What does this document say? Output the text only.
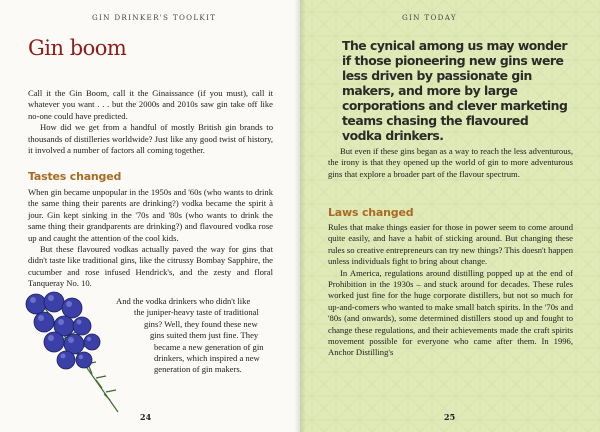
GIN DRINKER'S TOOLKIT
Gin boom

Call it the Gin Boom, call it the Ginaissance (if you must), call it whatever you want . . . but the 2000s and 2010s saw gin take off like no-one could have predicted.

How did we get from a handful of mostly British gin brands to thousands of distilleries worldwide? Just like any good twist of history, it involved a number of factors all coming together.

Tastes changed

When gin became unpopular in the 1950s and '60s (who wants to drink the same thing their parents are drinking?) vodka became the spirit à jour. Gin kept sinking in the '70s and '80s (who wants to drink the same thing their grandparents are drinking?) and flavoured vodka rose up and caught the attention of the cool kids.

But these flavoured vodkas actually paved the way for gins that didn't taste like traditional gins, like the citrussy Bombay Sapphire, the cucumber and rose infused Hendrick's, and the zesty and floral Tanqueray No. 10.

And the vodka drinkers who didn't like
the juniper-heavy taste of traditional
gins? Well, they found these new
gins suited them just fine. They
became a new generation of gin
drinkers, which inspired a new
generation of gin makers.
24
GIN TODAY
The cynical among us may wonder if those pioneering new gins were less driven by passionate gin makers, and more by large corporations and clever marketing teams chasing the flavoured vodka drinkers.

But even if these gins began as a way to reach the less adventurous, the irony is that they opened up the world of gin to more adventurous gins that explore a broader part of the flavour spectrum.

Laws changed

Rules that make things easier for those in power seem to come around quite easily, and have a habit of sticking around. But changing these rules so creative entrepreneurs can try new things? This doesn't happen unless individuals fight to bring about change.

In America, regulations around distilling popped up at the end of Prohibition in the 1930s – and stuck around for decades. These rules worked just fine for the huge corporate distillers, but not so much for up-and-comers who wanted to make small batch spirits. In the '70s and '80s (and onwards), some determined distillers stood up and fought to change these regulations, and their achievements made the craft spirits movement possible for everyone who came after them. In 1996, Anchor Distilling's

25
